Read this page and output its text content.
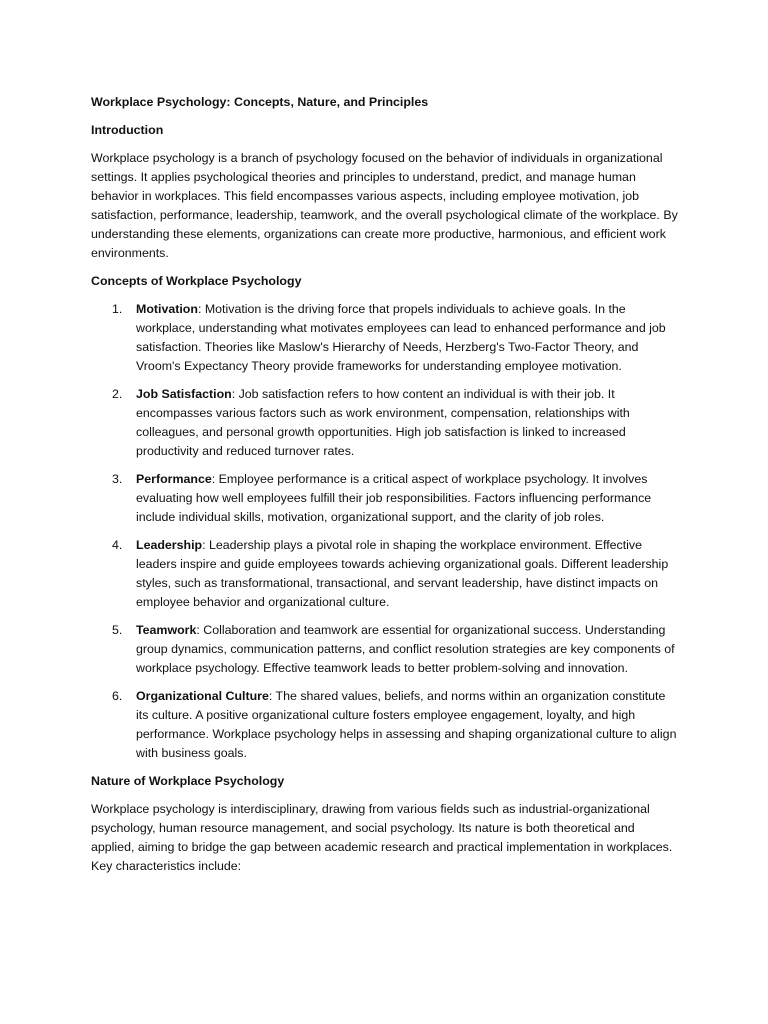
Workplace Psychology: Concepts, Nature, and Principles
Introduction
Workplace psychology is a branch of psychology focused on the behavior of individuals in organizational settings. It applies psychological theories and principles to understand, predict, and manage human behavior in workplaces. This field encompasses various aspects, including employee motivation, job satisfaction, performance, leadership, teamwork, and the overall psychological climate of the workplace. By understanding these elements, organizations can create more productive, harmonious, and efficient work environments.
Concepts of Workplace Psychology
1. Motivation: Motivation is the driving force that propels individuals to achieve goals. In the workplace, understanding what motivates employees can lead to enhanced performance and job satisfaction. Theories like Maslow's Hierarchy of Needs, Herzberg's Two-Factor Theory, and Vroom's Expectancy Theory provide frameworks for understanding employee motivation.
2. Job Satisfaction: Job satisfaction refers to how content an individual is with their job. It encompasses various factors such as work environment, compensation, relationships with colleagues, and personal growth opportunities. High job satisfaction is linked to increased productivity and reduced turnover rates.
3. Performance: Employee performance is a critical aspect of workplace psychology. It involves evaluating how well employees fulfill their job responsibilities. Factors influencing performance include individual skills, motivation, organizational support, and the clarity of job roles.
4. Leadership: Leadership plays a pivotal role in shaping the workplace environment. Effective leaders inspire and guide employees towards achieving organizational goals. Different leadership styles, such as transformational, transactional, and servant leadership, have distinct impacts on employee behavior and organizational culture.
5. Teamwork: Collaboration and teamwork are essential for organizational success. Understanding group dynamics, communication patterns, and conflict resolution strategies are key components of workplace psychology. Effective teamwork leads to better problem-solving and innovation.
6. Organizational Culture: The shared values, beliefs, and norms within an organization constitute its culture. A positive organizational culture fosters employee engagement, loyalty, and high performance. Workplace psychology helps in assessing and shaping organizational culture to align with business goals.
Nature of Workplace Psychology
Workplace psychology is interdisciplinary, drawing from various fields such as industrial-organizational psychology, human resource management, and social psychology. Its nature is both theoretical and applied, aiming to bridge the gap between academic research and practical implementation in workplaces. Key characteristics include:
